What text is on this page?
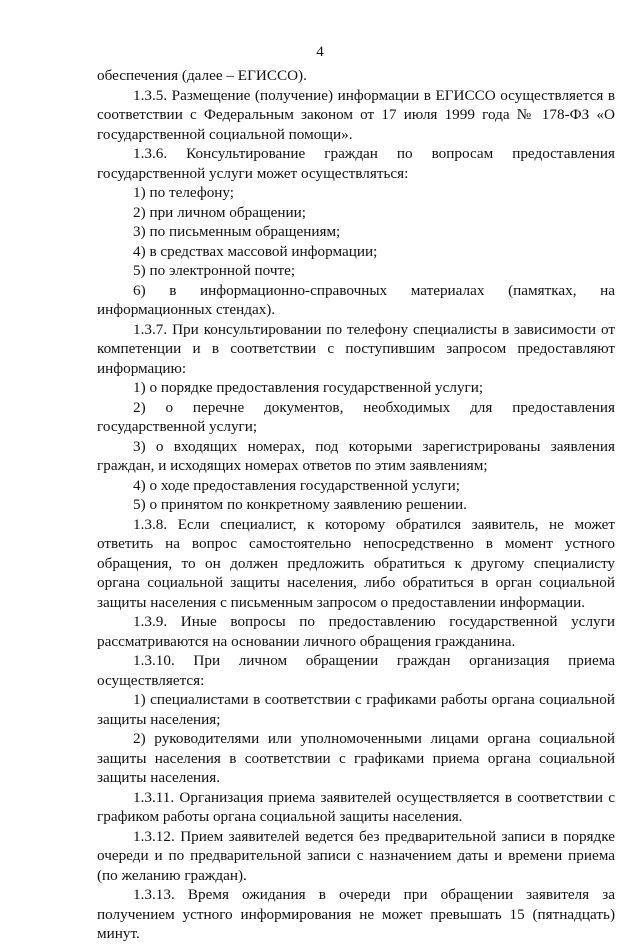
4

обеспечения (далее – ЕГИССО).

1.3.5. Размещение (получение) информации в ЕГИССО осуществляется в соответствии с Федеральным законом от 17 июля 1999 года № 178-ФЗ «О государственной социальной помощи».

1.3.6. Консультирование граждан по вопросам предоставления государственной услуги может осуществляться:

1) по телефону;

2) при личном обращении;

3) по письменным обращениям;

4) в средствах массовой информации;

5) по электронной почте;

6) в информационно-справочных материалах (памятках, на информационных стендах).

1.3.7. При консультировании по телефону специалисты в зависимости от компетенции и в соответствии с поступившим запросом предоставляют информацию:

1) о порядке предоставления государственной услуги;

2) о перечне документов, необходимых для предоставления государственной услуги;

3) о входящих номерах, под которыми зарегистрированы заявления граждан, и исходящих номерах ответов по этим заявлениям;

4) о ходе предоставления государственной услуги;

5) о принятом по конкретному заявлению решении.

1.3.8. Если специалист, к которому обратился заявитель, не может ответить на вопрос самостоятельно непосредственно в момент устного обращения, то он должен предложить обратиться к другому специалисту органа социальной защиты населения, либо обратиться в орган социальной защиты населения с письменным запросом о предоставлении информации.

1.3.9. Иные вопросы по предоставлению государственной услуги рассматриваются на основании личного обращения гражданина.

1.3.10. При личном обращении граждан организация приема осуществляется:

1) специалистами в соответствии с графиками работы органа социальной защиты населения;

2) руководителями или уполномоченными лицами органа социальной защиты населения в соответствии с графиками приема органа социальной защиты населения.

1.3.11. Организация приема заявителей осуществляется в соответствии с графиком работы органа социальной защиты населения.

1.3.12. Прием заявителей ведется без предварительной записи в порядке очереди и по предварительной записи с назначением даты и времени приема (по желанию граждан).

1.3.13. Время ожидания в очереди при обращении заявителя за получением устного информирования не может превышать 15 (пятнадцать) минут.
